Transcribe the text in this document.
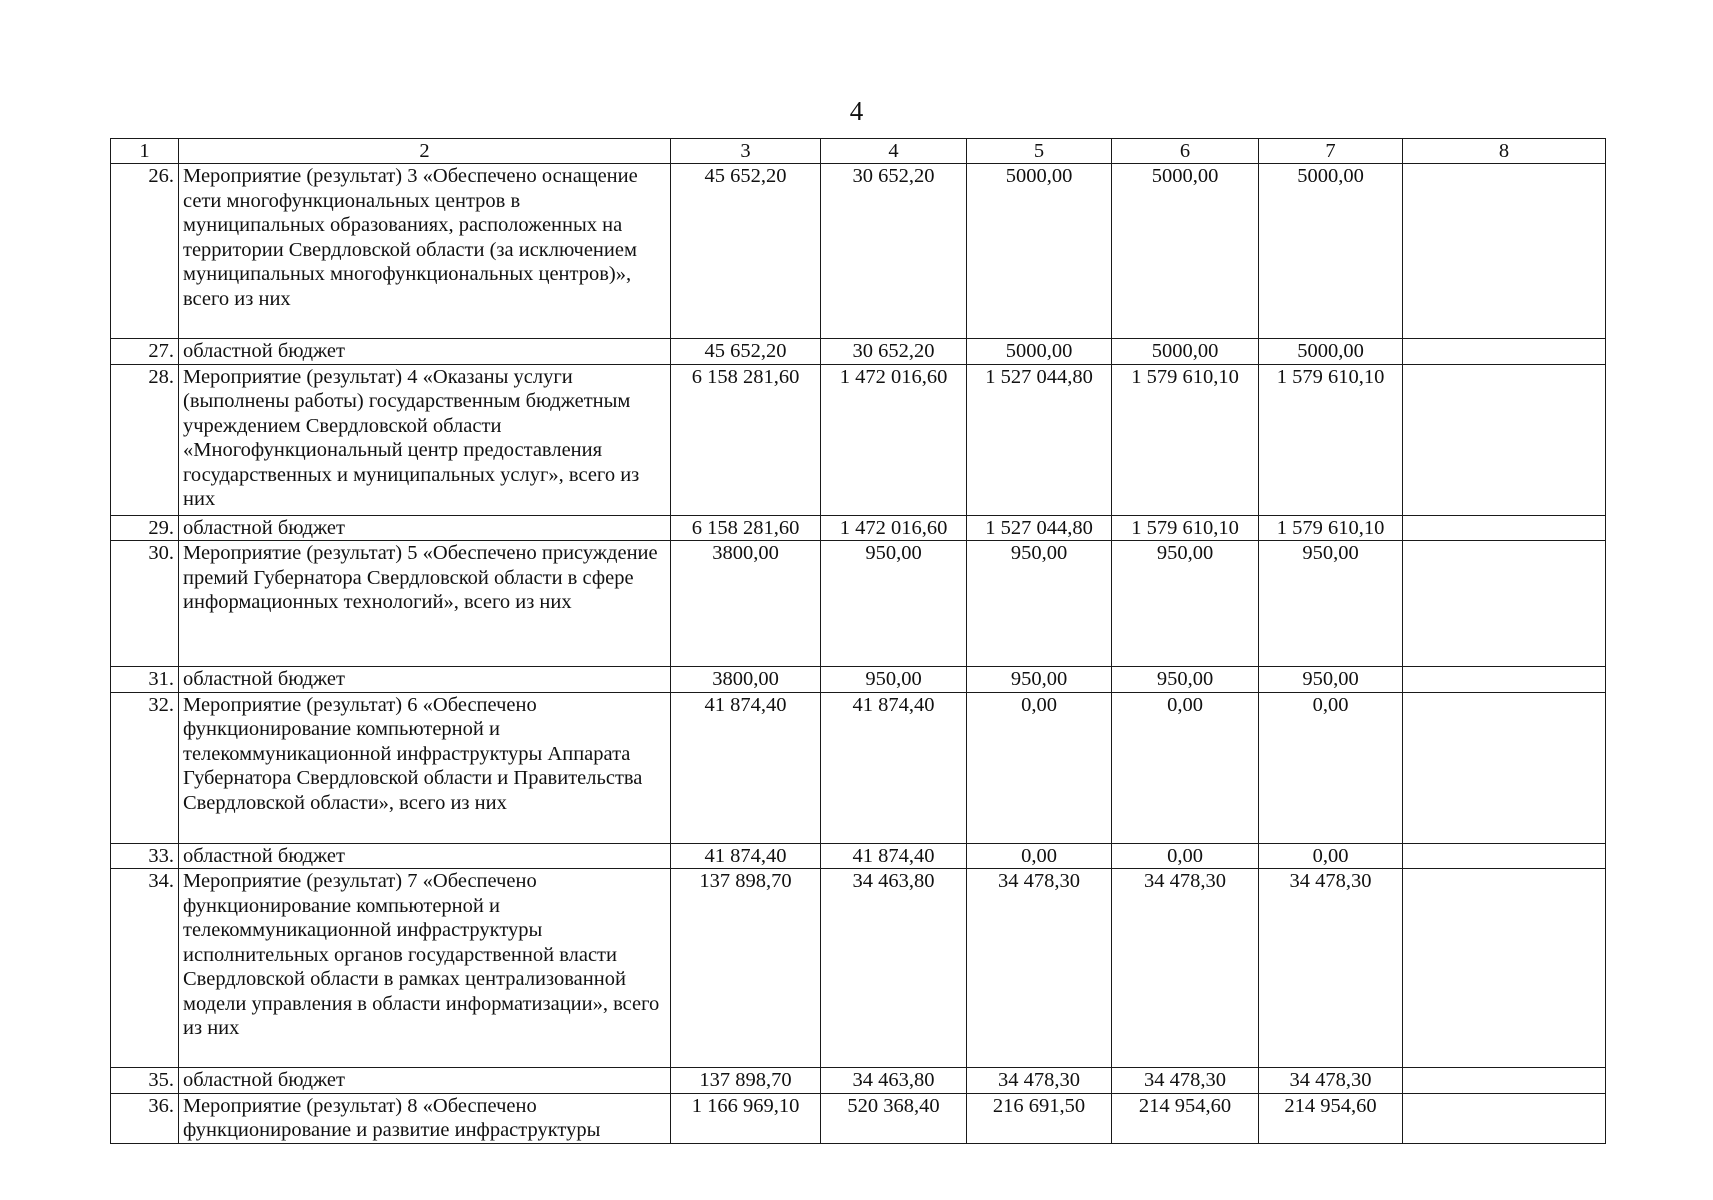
4
1	2	3	4	5	6	7	8
26.	Мероприятие (результат) 3 «Обеспечено оснащение сети многофункциональных центров в муниципальных образованиях, расположенных на территории Свердловской области (за исключением муниципальных многофункциональных центров)», всего из них	45 652,20	30 652,20	5000,00	5000,00	5000,00	
27.	областной бюджет	45 652,20	30 652,20	5000,00	5000,00	5000,00	
28.	Мероприятие (результат) 4 «Оказаны услуги (выполнены работы) государственным бюджетным учреждением Свердловской области «Многофункциональный центр предоставления государственных и муниципальных услуг», всего из них	6 158 281,60	1 472 016,60	1 527 044,80	1 579 610,10	1 579 610,10	
29.	областной бюджет	6 158 281,60	1 472 016,60	1 527 044,80	1 579 610,10	1 579 610,10	
30.	Мероприятие (результат) 5 «Обеспечено присуждение премий Губернатора Свердловской области в сфере информационных технологий», всего из них	3800,00	950,00	950,00	950,00	950,00	
31.	областной бюджет	3800,00	950,00	950,00	950,00	950,00	
32.	Мероприятие (результат) 6 «Обеспечено функционирование компьютерной и телекоммуникационной инфраструктуры Аппарата Губернатора Свердловской области и Правительства Свердловской области», всего из них	41 874,40	41 874,40	0,00	0,00	0,00	
33.	областной бюджет	41 874,40	41 874,40	0,00	0,00	0,00	
34.	Мероприятие (результат) 7 «Обеспечено функционирование компьютерной и телекоммуникационной инфраструктуры исполнительных органов государственной власти Свердловской области в рамках централизованной модели управления в области информатизации», всего из них	137 898,70	34 463,80	34 478,30	34 478,30	34 478,30	
35.	областной бюджет	137 898,70	34 463,80	34 478,30	34 478,30	34 478,30	
36.	Мероприятие (результат) 8 «Обеспечено функционирование и развитие инфраструктуры	1 166 969,10	520 368,40	216 691,50	214 954,60	214 954,60	
